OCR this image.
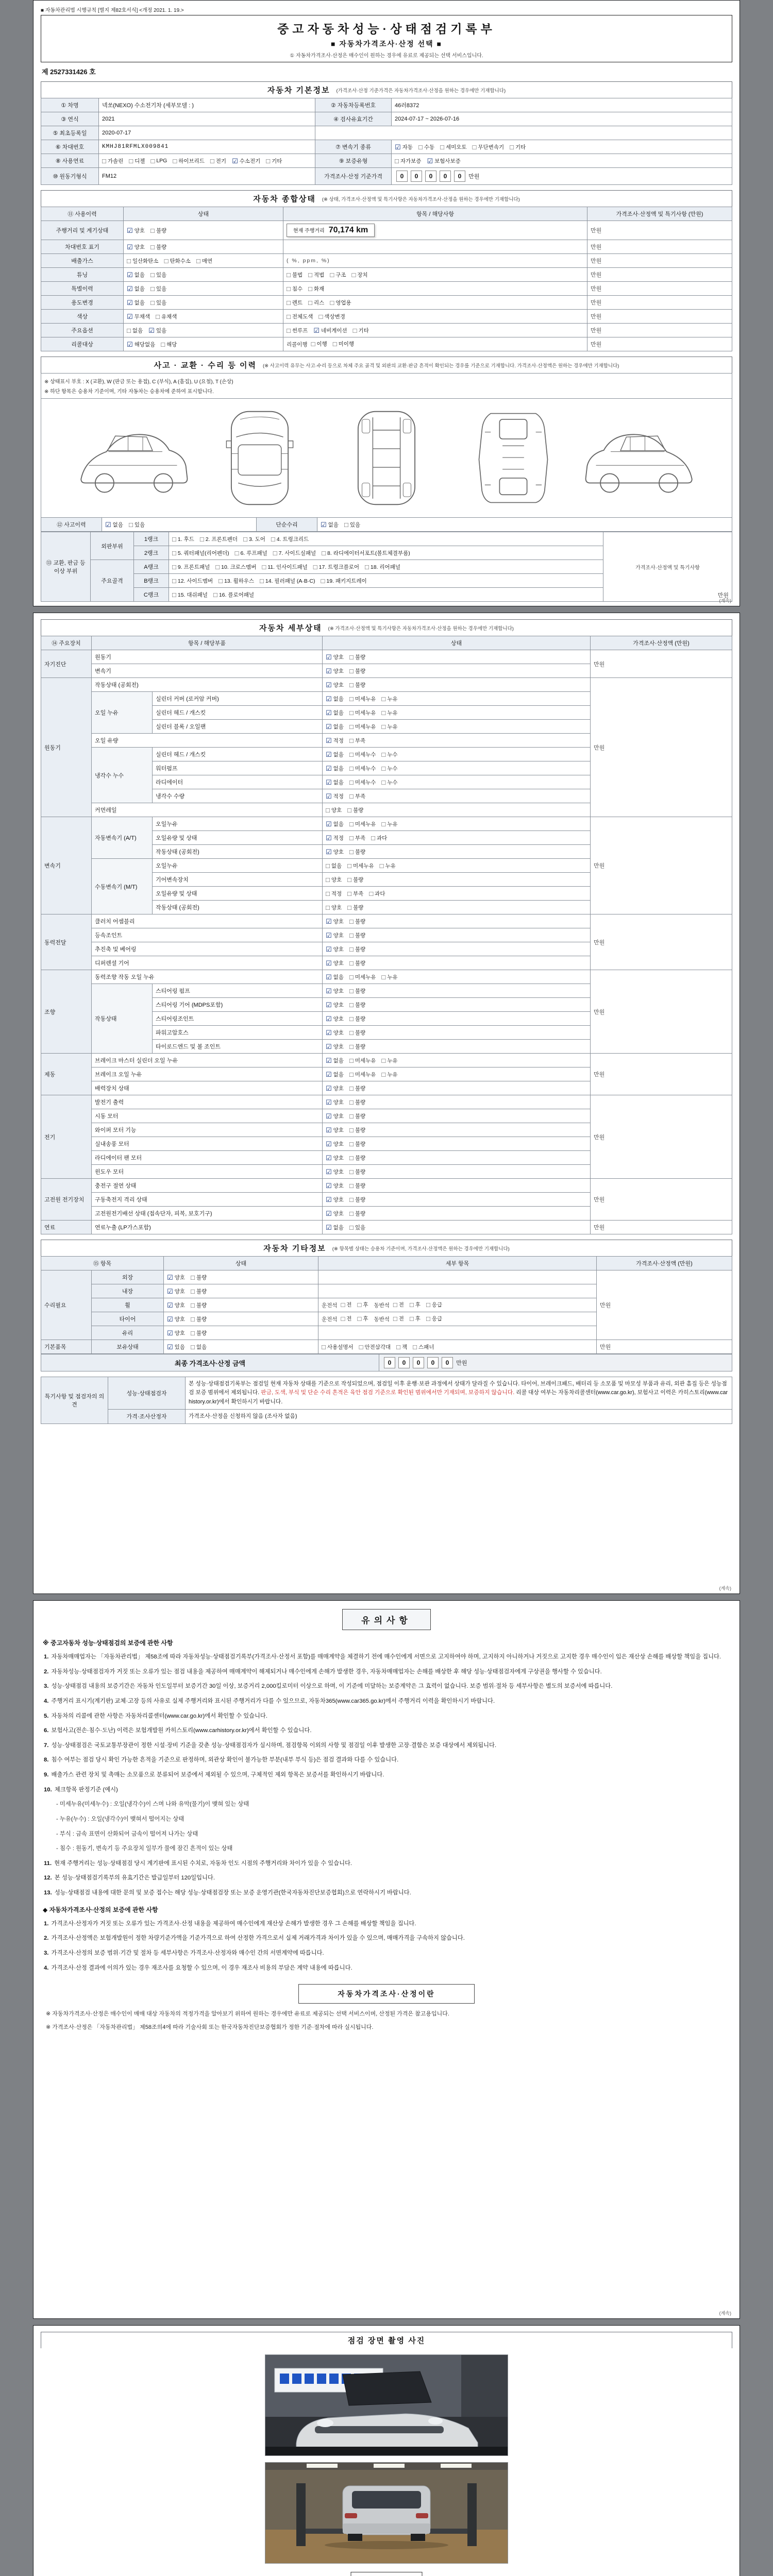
■ 자동차관리법 시행규칙 [별지 제82호서식] <개정 2021. 1. 19.>
중고자동차성능·상태점검기록부
■ 자동차가격조사·산정 선택 ■
① 자동차가격조사·산정은 매수인이 원하는 경우에 유료로 제공되는 선택 서비스입니다.
제 2527331426 호
자동차 기본정보 (가격조사·산정 기준가격은 자동차가격조사·산정을 원하는 경우에만 기재합니다)
① 차명	넥쏘(NEXO) 수소전기차 (세부모델 : )	② 자동차등록번호	46러8372
③ 연식	2021	④ 검사유효기간	2024-07-17 ~ 2026-07-16
⑤ 최초등록일	2020-07-17		
⑥ 차대번호	KMHJ81RFMLX009841	⑦ 변속기 종류	☑ 자동 □ 수동 □ 세미오토 □ 무단변속기 □ 기타

⑧ 사용연료	□ 가솔린 □ 디젤 □ LPG □ 하이브리드 □ 전기 ☑ 수소전기 □ 기타	⑨ 보증유형	□ 자가보증 ☑ 보험사보증

⑩ 원동기형식	FM12	가격조사·산정 기준가격	0 0 0 0 0 만원
자동차 종합상태 (※ 상태, 가격조사·산정액 및 특기사항은 자동차가격조사·산정을 원하는 경우에만 기재합니다)
⑪ 사용이력	상태	항목 / 해당사항	가격조사·산정액 및 특기사항 (만원)
주행거리 및 계기상태	☑ 양호 □ 불량	현재 주행거리 70,174 km	만원
차대번호 표기	☑ 양호 □ 불량		만원
배출가스	□ 일산화탄소 □ 탄화수소 □ 매연	( %, ppm, %)	만원
튜닝	☑ 없음 □ 있음	□ 불법 □ 적법 □ 구조 □ 장치	만원
특별이력	☑ 없음 □ 있음	□ 침수 □ 화재	만원
용도변경	☑ 없음 □ 있음	□ 렌트 □ 리스 □ 영업용	만원
색상	☑ 무채색 □ 유채색	□ 전체도색 □ 색상변경	만원
주요옵션	□ 없음 ☑ 있음	□ 썬루프 ☑ 네비게이션 □ 기타	만원
리콜대상	☑ 해당없음 □ 해당	리콜이행 □ 이행 □ 미이행	만원
사고 · 교환 · 수리 등 이력 (※ 사고이력 유무는 사고·수리 등으로 차체 주요 골격 및 외판의 교환·판금 흔적이 확인되는 경우를 기준으로 기재합니다. 가격조사·산정액은 원하는 경우에만 기재합니다)
※ 상태표시 부호 : X (교환), W (판금 또는 용접), C (부식), A (흠집), U (요철), T (손상)
※ 하단 항목은 승용차 기준이며, 기타 자동차는 승용차에 준하여 표시합니다.

⑫ 사고이력	☑ 없음 □ 있음	단순수리	☑ 없음 □ 있음
⑬ 교환, 판금 등 이상 부위	외판부위	1랭크	□ 1. 후드 □ 2. 프론트펜더 □ 3. 도어 □ 4. 트렁크리드

가격조사·산정액 및 특기사항
만원

2랭크	□ 5. 쿼터패널(리어펜더) □ 6. 루프패널 □ 7. 사이드실패널 □ 8. 라디에이터서포트(볼트체결부품)

주요골격	A랭크	□ 9. 프론트패널 □ 10. 크로스멤버 □ 11. 인사이드패널 □ 17. 트렁크플로어 □ 18. 리어패널

B랭크	□ 12. 사이드멤버 □ 13. 휠하우스 □ 14. 필러패널 (A·B·C) □ 19. 패키지트레이

		C랭크	□ 15. 대쉬패널 □ 16. 플로어패널	
(계속)
자동차 세부상태 (※ 가격조사·산정액 및 특기사항은 자동차가격조사·산정을 원하는 경우에만 기재합니다)
⑭ 주요장치	항목 / 해당부품		상태	가격조사·산정액 (만원)
자기진단	원동기		☑ 양호 □ 불량	만원
	변속기		☑ 양호 □ 불량	

원동기	작동상태 (공회전)		☑ 양호 □ 불량	만원
오일 누유	실린더 커버 (로커암 커버)	☑ 없음 □ 미세누유 □ 누유

실린더 헤드 / 개스킷	☑ 없음 □ 미세누유 □ 누유

실린더 블록 / 오일팬	☑ 없음 □ 미세누유 □ 누유

	오일 유량		☑ 적정 □ 부족	

냉각수 누수	실린더 헤드 / 개스킷	☑ 없음 □ 미세누수 □ 누수

워터펌프	☑ 없음 □ 미세누수 □ 누수

라디에이터	☑ 없음 □ 미세누수 □ 누수

		냉각수 수량	☑ 적정 □ 부족	

	커먼레일		□ 양호 □ 불량	

변속기	자동변속기 (A/T)	오일누유	☑ 없음 □ 미세누유 □ 누유
	만원
오일유량 및 상태	☑ 적정 □ 부족 □ 과다

		작동상태 (공회전)	☑ 양호 □ 불량	

수동변속기 (M/T)	오일누유	□ 없음 □ 미세누유 □ 누유

		기어변속장치	□ 양호 □ 불량	

오일유량 및 상태	□ 적정 □ 부족 □ 과다

		작동상태 (공회전)	□ 양호 □ 불량	

동력전달	클러치 어셈블리		☑ 양호 □ 불량	만원
	등속조인트		☑ 양호 □ 불량	

	추진축 및 베어링		☑ 양호 □ 불량	

	디퍼렌셜 기어		☑ 양호 □ 불량	

조향	동력조향 작동 오일 누유	☑ 없음 □ 미세누유 □ 누유
	만원
	작동상태	스티어링 펌프	☑ 양호 □ 불량	

		스티어링 기어 (MDPS포함)	☑ 양호 □ 불량	

		스티어링조인트	☑ 양호 □ 불량	

		파워고압호스	☑ 양호 □ 불량	

		타이로드엔드 및 볼 조인트	☑ 양호 □ 불량	

제동	브레이크 마스터 실린더 오일 누유	☑ 없음 □ 미세누유 □ 누유
	만원
브레이크 오일 누유	☑ 없음 □ 미세누유 □ 누유

	배력장치 상태		☑ 양호 □ 불량	

전기	발전기 출력		☑ 양호 □ 불량	만원
	시동 모터		☑ 양호 □ 불량	

	와이퍼 모터 기능		☑ 양호 □ 불량	

	실내송풍 모터		☑ 양호 □ 불량	

	라디에이터 팬 모터		☑ 양호 □ 불량	

	윈도우 모터		☑ 양호 □ 불량	

고전원 전기장치	충전구 절연 상태		☑ 양호 □ 불량	만원
	구동축전지 격리 상태		☑ 양호 □ 불량	

	고전원전기배선 상태 (접속단자, 피복, 보호기구)		☑ 양호 □ 불량	

연료	연료누출 (LP가스포함)		☑ 없음 □ 있음	만원
자동차 기타정보 (※ 항목별 상태는 승용차 기준이며, 가격조사·산정액은 원하는 경우에만 기재합니다)
⑮ 항목		상태	세부 항목	가격조사·산정액 (만원)
수리필요	외장	☑ 양호 □ 불량		만원
	내장	☑ 양호 □ 불량		

휠	☑ 양호 □ 불량	운전석 □ 전 □ 후 동반석 □ 전 □ 후 □ 응급

타이어	☑ 양호 □ 불량	운전석 □ 전 □ 후 동반석 □ 전 □ 후 □ 응급

	유리	☑ 양호 □ 불량		

기본품목	보유상태	☑ 있음 □ 없음	□ 사용설명서 □ 안전삼각대 □ 잭 □ 스패너	만원
최종 가격조사·산정 금액	0 0 0 0 0 만원
특기사항 및 점검자의 의견	성능·상태점검자	본 성능·상태점검기록부는 점검일 현재 자동차 상태를 기준으로 작성되었으며, 점검일 이후 운행·보관 과정에서 상태가 달라질 수 있습니다. 타이어, 브레이크패드, 배터리 등 소모품 및 마모성 부품과 유리, 외관 흠집 등은 성능점검 보증 범위에서 제외됩니다. 판금, 도색, 부식 및 단순 수리 흔적은 육안 점검 기준으로 확인된 범위에서만 기재되며, 보증하지 않습니다. 리콜 대상 여부는 자동차리콜센터(www.car.go.kr), 보험사고 이력은 카히스토리(www.carhistory.or.kr)에서 확인하시기 바랍니다.
	가격·조사산정자	가격조사·산정을 신청하지 않음 (조사자 없음)
(계속)
유의사항
※ 중고자동차 성능·상태점검의 보증에 관한 사항
1. 자동차매매업자는 「자동차관리법」 제58조에 따라 자동차성능·상태점검기록부(가격조사·산정서 포함)를 매매계약을 체결하기 전에 매수인에게 서면으로 고지하여야 하며, 고지하지 아니하거나 거짓으로 고지한 경우 매수인이 입은 재산상 손해를 배상할 책임을 집니다.
2. 자동차성능·상태점검자가 거짓 또는 오류가 있는 점검 내용을 제공하여 매매계약이 해제되거나 매수인에게 손해가 발생한 경우, 자동차매매업자는 손해를 배상한 후 해당 성능·상태점검자에게 구상권을 행사할 수 있습니다.
3. 성능·상태점검 내용의 보증기간은 자동차 인도일부터 보증기간 30일 이상, 보증거리 2,000킬로미터 이상으로 하며, 이 기준에 미달하는 보증계약은 그 효력이 없습니다. 보증 범위·절차 등 세부사항은 별도의 보증서에 따릅니다.
4. 주행거리 표시기(계기판) 교체·고장 등의 사유로 실제 주행거리와 표시된 주행거리가 다를 수 있으므로, 자동차365(www.car365.go.kr)에서 주행거리 이력을 확인하시기 바랍니다.
5. 자동차의 리콜에 관한 사항은 자동차리콜센터(www.car.go.kr)에서 확인할 수 있습니다.
6. 보험사고(전손·침수·도난) 이력은 보험개발원 카히스토리(www.carhistory.or.kr)에서 확인할 수 있습니다.
7. 성능·상태점검은 국토교통부장관이 정한 시설·장비 기준을 갖춘 성능·상태점검자가 실시하며, 점검항목 이외의 사항 및 점검일 이후 발생한 고장·결함은 보증 대상에서 제외됩니다.
8. 침수 여부는 점검 당시 확인 가능한 흔적을 기준으로 판정하며, 외관상 확인이 불가능한 부분(내부 부식 등)은 점검 결과와 다를 수 있습니다.
9. 배출가스 관련 장치 및 촉매는 소모품으로 분류되어 보증에서 제외될 수 있으며, 구체적인 제외 항목은 보증서를 확인하시기 바랍니다.
10. 체크항목 판정기준 (예시)
- 미세누유(미세누수) : 오일(냉각수)이 스며 나와 유막(물기)이 맺혀 있는 상태
- 누유(누수) : 오일(냉각수)이 맺혀서 떨어지는 상태
- 부식 : 금속 표면이 산화되어 금속이 떨어져 나가는 상태
- 침수 : 원동기, 변속기 등 주요장치 일부가 물에 잠긴 흔적이 있는 상태
11. 현재 주행거리는 성능·상태점검 당시 계기판에 표시된 수치로, 자동차 인도 시점의 주행거리와 차이가 있을 수 있습니다.
12. 본 성능·상태점검기록부의 유효기간은 발급일부터 120일입니다.
13. 성능·상태점검 내용에 대한 문의 및 보증 접수는 해당 성능·상태점검장 또는 보증 운영기관(한국자동차진단보증협회)으로 연락하시기 바랍니다.
◆ 자동차가격조사·산정의 보증에 관한 사항
1. 가격조사·산정자가 거짓 또는 오류가 있는 가격조사·산정 내용을 제공하여 매수인에게 재산상 손해가 발생한 경우 그 손해를 배상할 책임을 집니다.
2. 가격조사·산정액은 보험개발원이 정한 차량기준가액을 기준가격으로 하여 산정한 가격으로서 실제 거래가격과 차이가 있을 수 있으며, 매매가격을 구속하지 않습니다.
3. 가격조사·산정의 보증 범위·기간 및 절차 등 세부사항은 가격조사·산정자와 매수인 간의 서면계약에 따릅니다.
4. 가격조사·산정 결과에 이의가 있는 경우 재조사를 요청할 수 있으며, 이 경우 재조사 비용의 부담은 계약 내용에 따릅니다.
자동차가격조사·산정이란
※ 자동차가격조사·산정은 매수인이 매매 대상 자동차의 적정가격을 알아보기 위하여 원하는 경우에만 유료로 제공되는 선택 서비스이며, 산정된 가격은 참고용입니다.
※ 가격조사·산정은 「자동차관리법」 제58조의4에 따라 기술사회 또는 한국자동차진단보증협회가 정한 기준·절차에 따라 실시됩니다.
(계속)
점검 장면 촬영 사진
